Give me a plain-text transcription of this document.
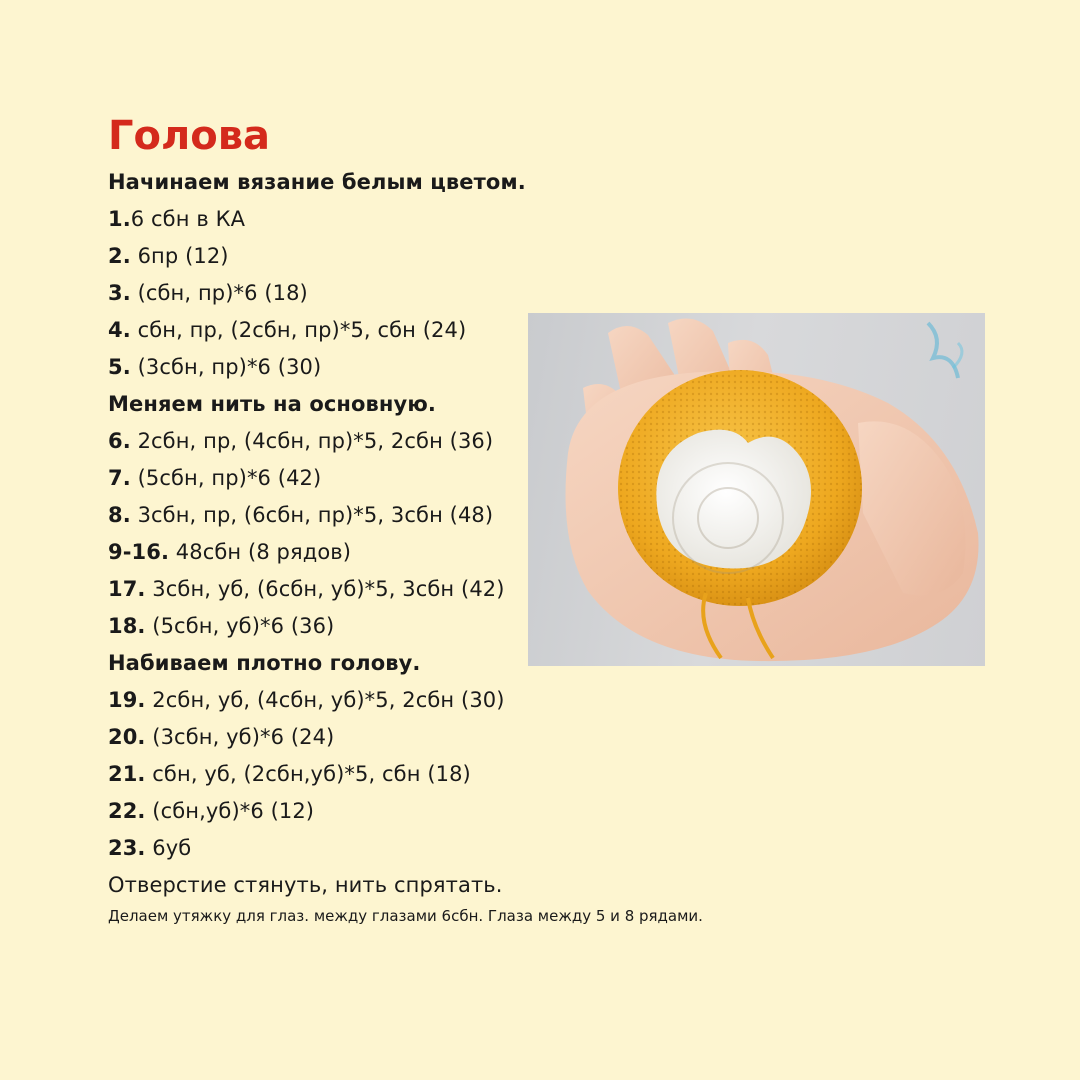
Голова
Начинаем вязание белым цветом.
1.6 сбн в КА
2. 6пр (12)
3. (сбн, пр)*6 (18)
4. сбн, пр, (2сбн, пр)*5, сбн (24)
5. (3сбн, пр)*6 (30)
Меняем нить на основную.
6. 2сбн, пр, (4сбн, пр)*5, 2сбн (36)
7. (5сбн, пр)*6 (42)
8. 3сбн, пр, (6сбн, пр)*5, 3сбн (48)
9-16. 48сбн (8 рядов)
17. 3сбн, уб, (6сбн, уб)*5, 3сбн (42)
18. (5сбн, уб)*6 (36)
Набиваем плотно голову.
19. 2сбн, уб, (4сбн, уб)*5, 2сбн (30)
20. (3сбн, уб)*6 (24)
21. сбн, уб, (2сбн,уб)*5, сбн (18)
22. (сбн,уб)*6 (12)
23. 6уб
Отверстие стянуть, нить спрятать.
Делаем утяжку для глаз. между глазами 6сбн. Глаза между 5 и 8 рядами.
